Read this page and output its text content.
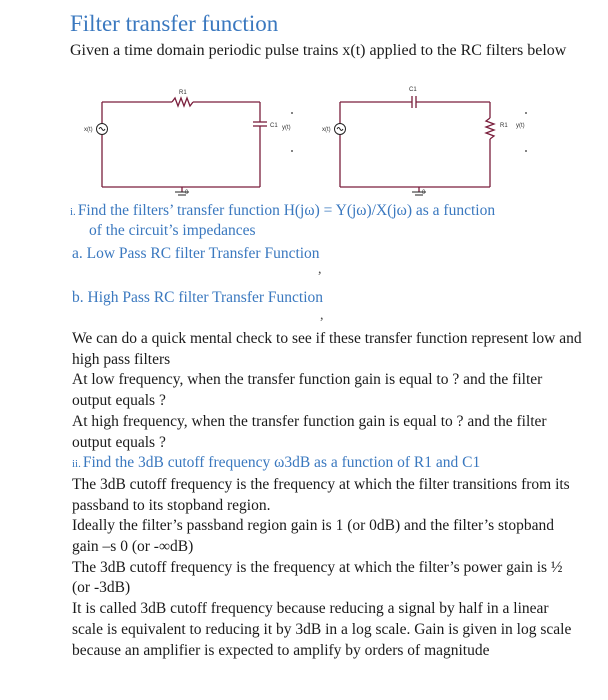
Filter transfer function
Given a time domain periodic pulse trains x(t) applied to the RC filters below
x(t)
R1
C1 y(t)
0
x(t)
C1
R1 y(t)
0
i. Find the filters’ transfer function H(jω) = Y(jω)/X(jω) as a function
of the circuit’s impedances
a. Low Pass RC filter Transfer Function
,
b. High Pass RC filter Transfer Function
,

We can do a quick mental check to see if these transfer function represent low and high pass filters

At low frequency, when the transfer function gain is equal to ? and the filter output equals ?

At high frequency, when the transfer function gain is equal to ? and the filter output equals ?

ii. Find the 3dB cutoff frequency ω3dB as a function of R1 and C1

The 3dB cutoff frequency is the frequency at which the filter transitions from its passband to its stopband region.

Ideally the filter’s passband region gain is 1 (or 0dB) and the filter’s stopband gain –s 0 (or -∞dB)

The 3dB cutoff frequency is the frequency at which the filter’s power gain is ½ (or -3dB)

It is called 3dB cutoff frequency because reducing a signal by half in a linear scale is equivalent to reducing it by 3dB in a log scale. Gain is given in log scale because an amplifier is expected to amplify by orders of magnitude
